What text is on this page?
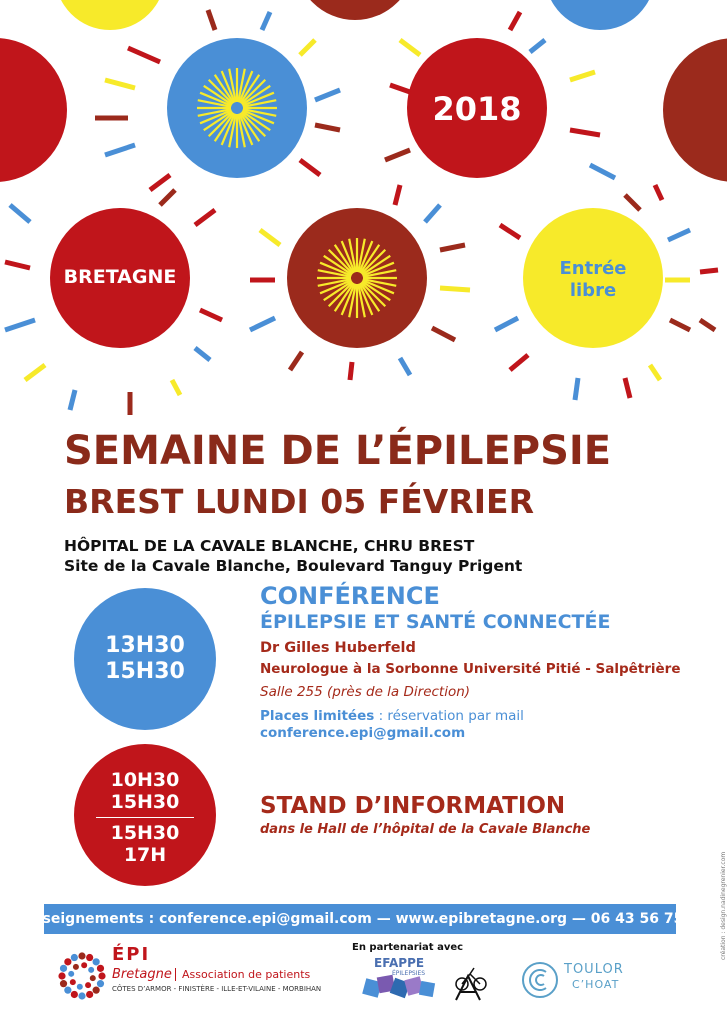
2018
BRETAGNE	Entrée
libre
SEMAINE DE L’ÉPILEPSIE
BREST LUNDI 05 FÉVRIER
HÔPITAL DE LA CAVALE BLANCHE, CHRU BREST
Site de la Cavale Blanche, Boulevard Tanguy Prigent
13H30
15H30
CONFÉRENCE
ÉPILEPSIE ET SANTÉ CONNECTÉE
Dr Gilles Huberfeld
Neurologue à la Sorbonne Université Pitié - Salpêtrière
Salle 255 (près de la Direction)
Places limitées : réservation par mail
conference.epi@gmail.com
10H30
15H30
15H30
17H
STAND D’INFORMATION
dans le Hall de l’hôpital de la Cavale Blanche
Renseignements : conference.epi@gmail.com — www.epibretagne.org — 06 43 56 75 89
En partenariat avec
ÉPI
Bretagne Association de patients
CÔTES D’ARMOR - FINISTÈRE - ILLE-ET-VILAINE - MORBIHAN
EFAPPE
ÉPILEPSIES	TOULOR
C’HOAT
création : design.nadinegrenier.com
